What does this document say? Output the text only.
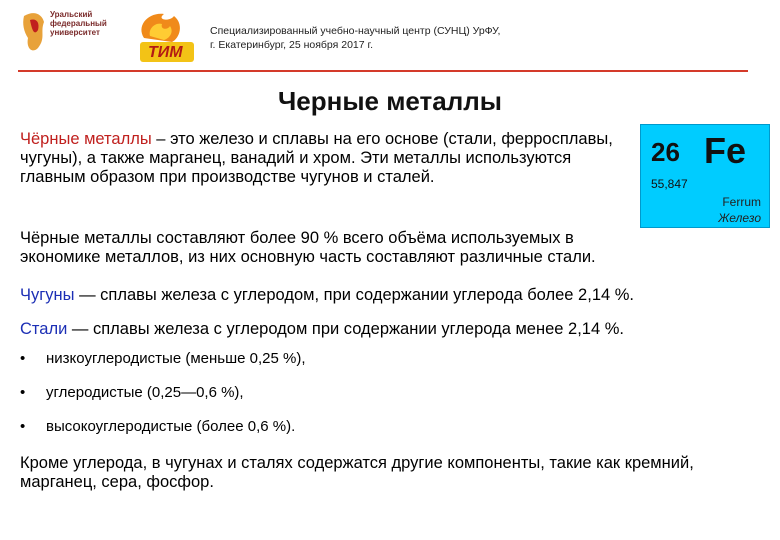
Уральский
федеральный
университет
ТИМ
Специализированный учебно-научный центр (СУНЦ) УрФУ,
г. Екатеринбург, 25 ноября 2017 г.
Черные металлы
Чёрные металлы – это железо и сплавы на его основе (стали, ферросплавы, чугуны), а также марганец, ванадий и хром. Эти металлы используются главным образом при производстве чугунов и сталей.
26 Fe
55,847
Ferrum
Железо
Чёрные металлы составляют более 90 % всего объёма используемых в экономике металлов, из них основную часть составляют различные стали.
Чугуны — сплавы железа с углеродом, при содержании углерода более 2,14 %.
Стали — сплавы железа с углеродом при содержании углерода менее 2,14 %.
• низкоуглеродистые (меньше 0,25 %),
• углеродистые (0,25—0,6 %),
• высокоуглеродистые (более 0,6 %).
Кроме углерода, в чугунах и сталях содержатся другие компоненты, такие как кремний, марганец, сера, фосфор.
